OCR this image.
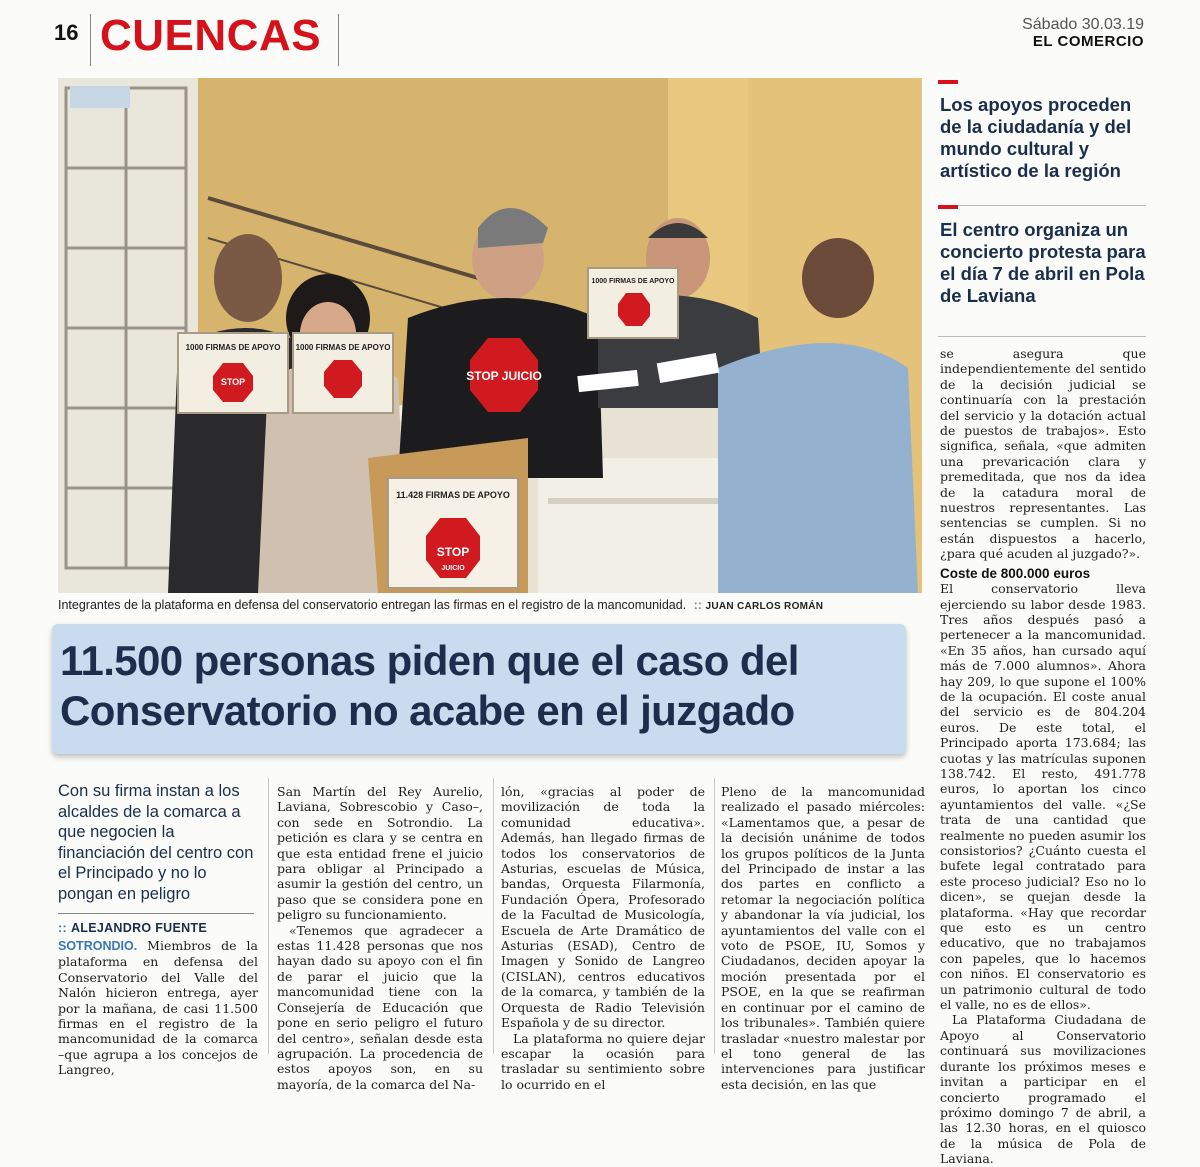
16 CUENCAS	Sábado 30.03.19
EL COMERCIO
1000 FIRMAS DE APOYO
STOP
1000 FIRMAS DE APOYO
1000 FIRMAS DE APOYO
11.428 FIRMAS DE APOYO
STOP
JUICIO
STOP JUICIO
Integrantes de la plataforma en defensa del conservatorio entregan las firmas en el registro de la mancomunidad. :: JUAN CARLOS ROMÁN
Los apoyos proceden de la ciudadanía y del mundo cultural y artístico de la región
El centro organiza un concierto protesta para el día 7 de abril en Pola de Laviana
11.500 personas piden que el caso del Conservatorio no acabe en el juzgado
Con su firma instan a los alcaldes de la comarca a que negocien la financiación del centro con el Principado y no lo pongan en peligro
:: ALEJANDRO FUENTE

SOTRONDIO. Miembros de la plataforma en defensa del Conservatorio del Valle del Nalón hicieron entrega, ayer por la mañana, de casi 11.500 firmas en el registro de la mancomunidad de la comarca –que agrupa a los concejos de Langreo,

San Martín del Rey Aurelio, Laviana, Sobrescobio y Caso–, con sede en Sotrondio. La petición es clara y se centra en que esta entidad frene el juicio para obligar al Principado a asumir la gestión del centro, un paso que se considera pone en peligro su funcionamiento.

«Tenemos que agradecer a estas 11.428 personas que nos hayan dado su apoyo con el fin de parar el juicio que la mancomunidad tiene con la Consejería de Educación que pone en serio peligro el futuro del centro», señalan desde esta agrupación. La procedencia de estos apoyos son, en su mayoría, de la comarca del Na-

lón, «gracias al poder de movilización de toda la comunidad educativa». Además, han llegado firmas de todos los conservatorios de Asturias, escuelas de Música, bandas, Orquesta Filarmonía, Fundación Ópera, Profesorado de la Facultad de Musicología, Escuela de Arte Dramático de Asturias (ESAD), Centro de Imagen y Sonido de Langreo (CISLAN), centros educativos de la comarca, y también de la Orquesta de Radio Televisión Española y de su director.

La plataforma no quiere dejar escapar la ocasión para trasladar su sentimiento sobre lo ocurrido en el

Pleno de la mancomunidad realizado el pasado miércoles: «Lamentamos que, a pesar de la decisión unánime de todos los grupos políticos de la Junta del Principado de instar a las dos partes en conflicto a retomar la negociación política y abandonar la vía judicial, los ayuntamientos del valle con el voto de PSOE, IU, Somos y Ciudadanos, deciden apoyar la moción presentada por el PSOE, en la que se reafirman en continuar por el camino de los tribunales». También quiere trasladar «nuestro malestar por el tono general de las intervenciones para justificar esta decisión, en las que

se asegura que independientemente del sentido de la decisión judicial se continuaría con la prestación del servicio y la dotación actual de puestos de trabajos». Esto significa, señala, «que admiten una prevaricación clara y premeditada, que nos da idea de la catadura moral de nuestros representantes. Las sentencias se cumplen. Si no están dispuestos a hacerlo, ¿para qué acuden al juzgado?».

Coste de 800.000 euros

El conservatorio lleva ejerciendo su labor desde 1983. Tres años después pasó a pertenecer a la mancomunidad. «En 35 años, han cursado aquí más de 7.000 alumnos». Ahora hay 209, lo que supone el 100% de la ocupación. El coste anual del servicio es de 804.204 euros. De este total, el Principado aporta 173.684; las cuotas y las matrículas suponen 138.742. El resto, 491.778 euros, lo aportan los cinco ayuntamientos del valle. «¿Se trata de una cantidad que realmente no pueden asumir los consistorios? ¿Cuánto cuesta el bufete legal contratado para este proceso judicial? Eso no lo dicen», se quejan desde la plataforma. «Hay que recordar que esto es un centro educativo, que no trabajamos con papeles, que lo hacemos con niños. El conservatorio es un patrimonio cultural de todo el valle, no es de ellos».

La Plataforma Ciudadana de Apoyo al Conservatorio continuará sus movilizaciones durante los próximos meses e invitan a participar en el concierto programado el próximo domingo 7 de abril, a las 12.30 horas, en el quiosco de la música de Pola de Laviana.
